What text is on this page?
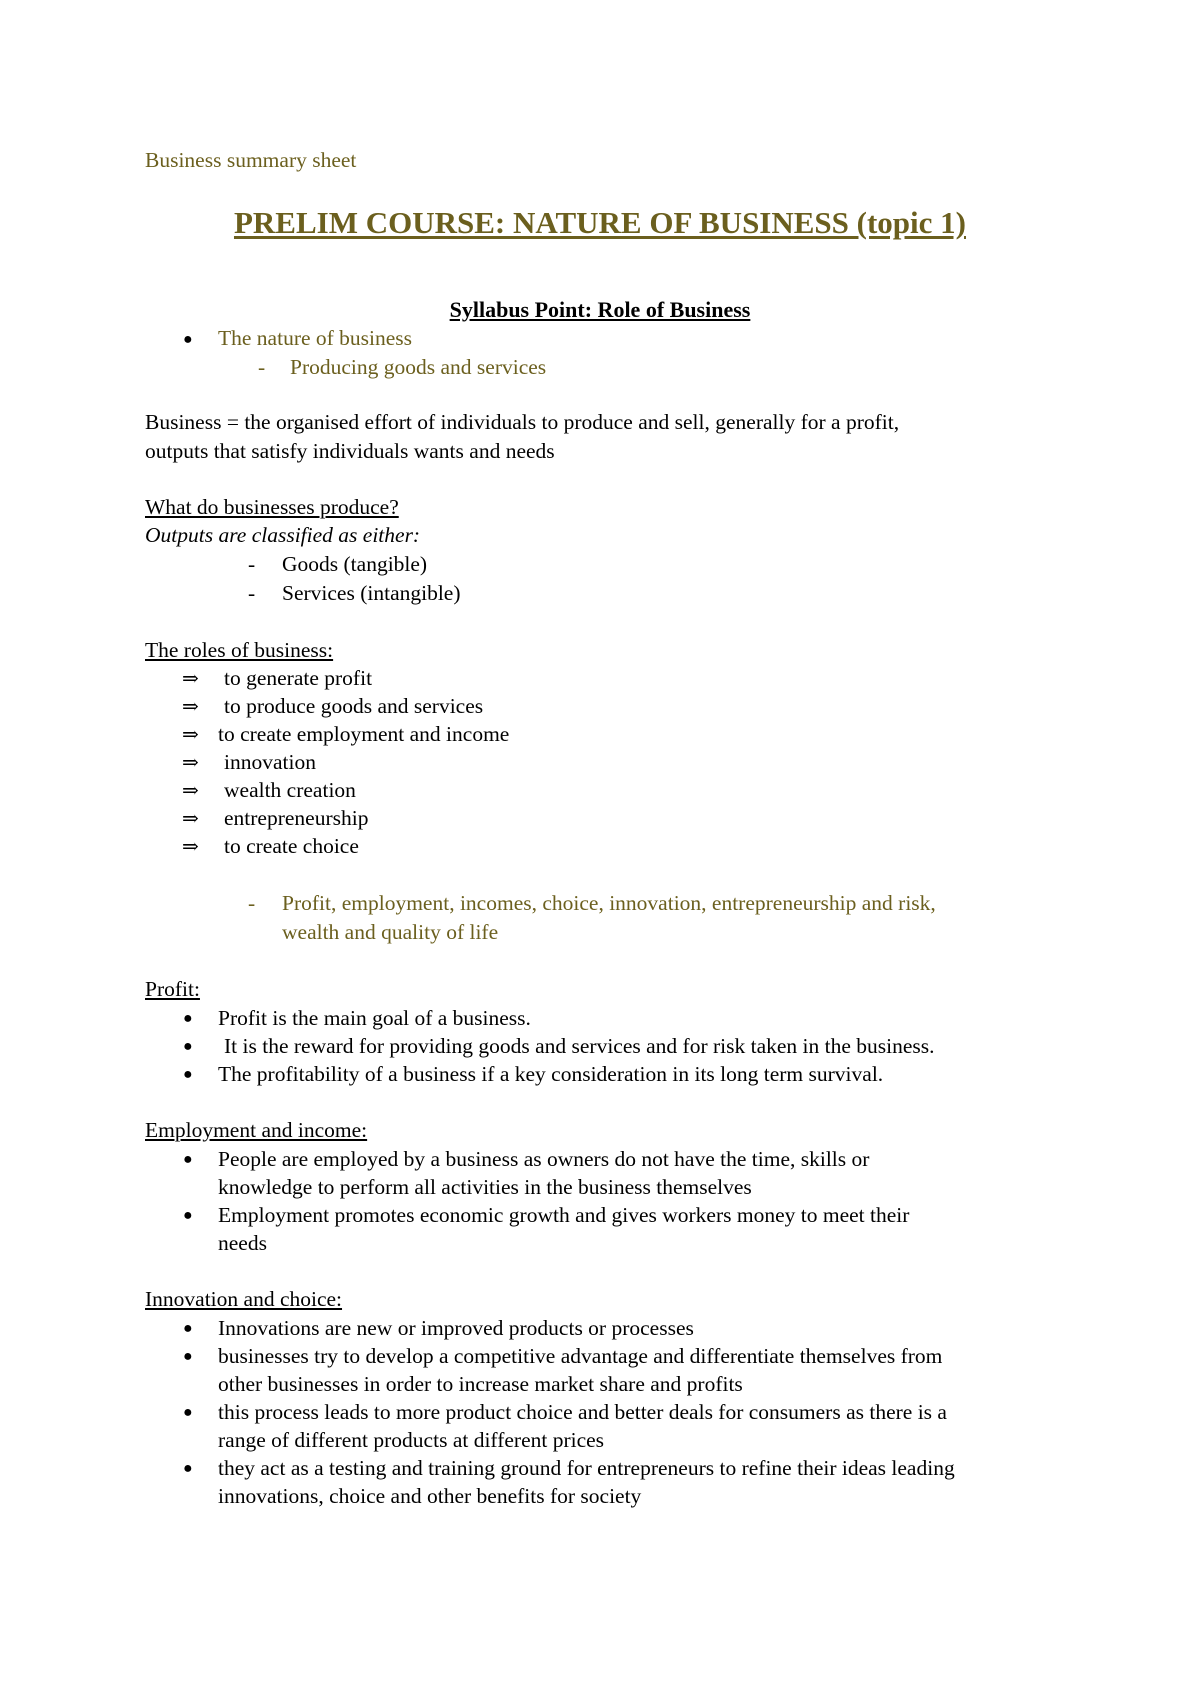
Business summary sheet
PRELIM COURSE: NATURE OF BUSINESS (topic 1)
Syllabus Point: Role of Business
● The nature of business
- Producing goods and services
Business = the organised effort of individuals to produce and sell, generally for a profit,
outputs that satisfy individuals wants and needs
What do businesses produce?
Outputs are classified as either:
- Goods (tangible)
- Services (intangible)
The roles of business:
⇒ to generate profit
⇒ to produce goods and services
⇒ to create employment and income
⇒ innovation
⇒ wealth creation
⇒ entrepreneurship
⇒ to create choice
- Profit, employment, incomes, choice, innovation, entrepreneurship and risk,
wealth and quality of life
Profit:
● Profit is the main goal of a business.
● It is the reward for providing goods and services and for risk taken in the business.
● The profitability of a business if a key consideration in its long term survival.
Employment and income:
● People are employed by a business as owners do not have the time, skills or
knowledge to perform all activities in the business themselves
● Employment promotes economic growth and gives workers money to meet their
needs
Innovation and choice:
● Innovations are new or improved products or processes
● businesses try to develop a competitive advantage and differentiate themselves from
other businesses in order to increase market share and profits
● this process leads to more product choice and better deals for consumers as there is a
range of different products at different prices
● they act as a testing and training ground for entrepreneurs to refine their ideas leading
innovations, choice and other benefits for society
